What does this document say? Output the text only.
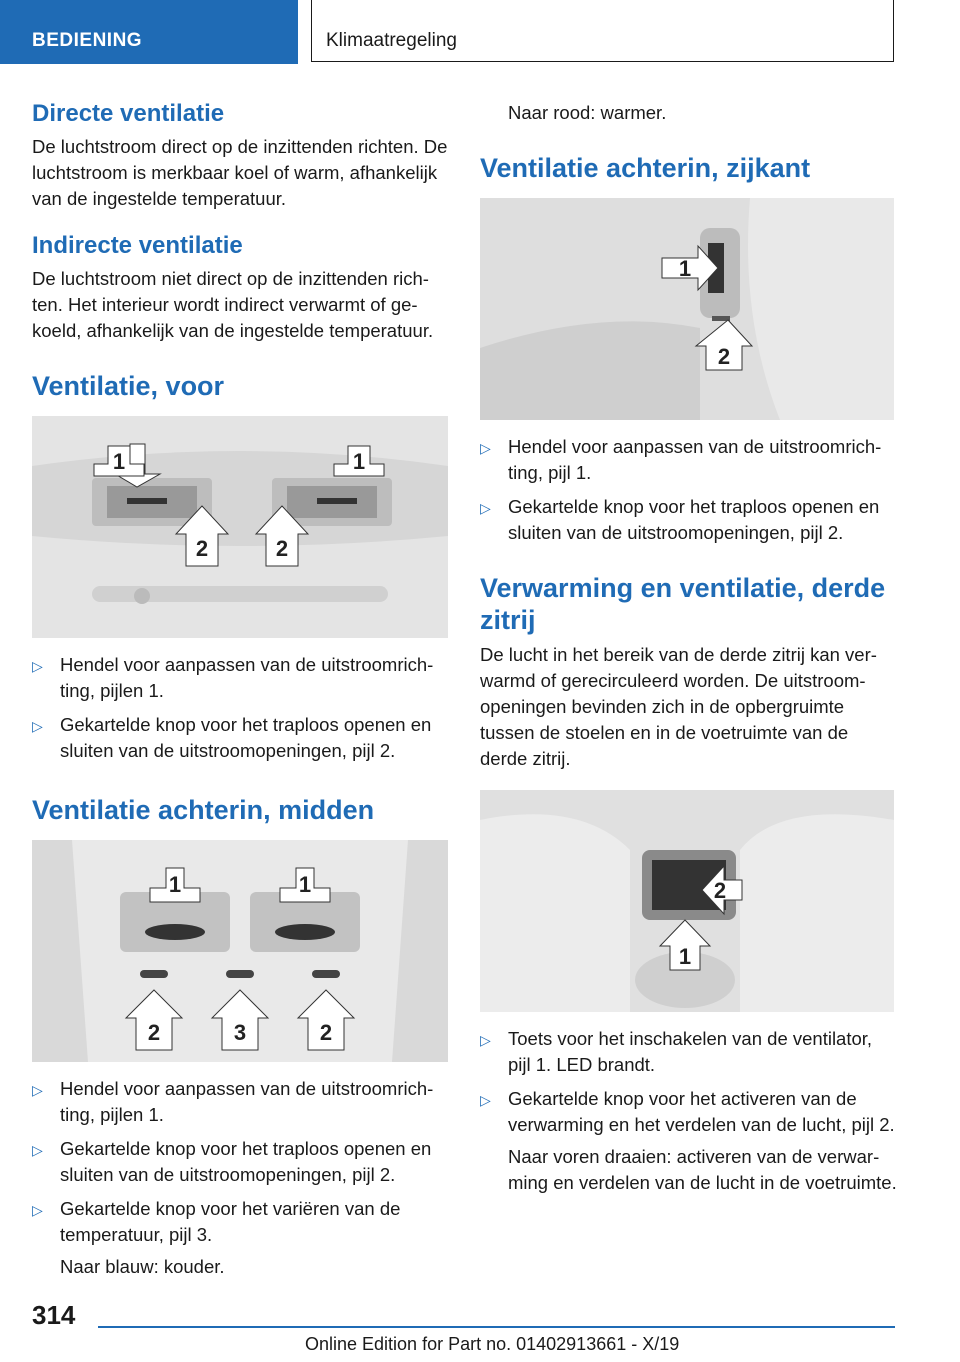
BEDIENING	Klimaatregeling
Directe ventilatie

De luchtstroom direct op de inzittenden richten. De luchtstroom is merkbaar koel of warm, afhankelijk van de ingestelde temperatuur.

Indirecte ventilatie

De luchtstroom niet direct op de inzittenden richten. Het interieur wordt indirect verwarmt of gekoeld, afhankelijk van de ingestelde temperatuur.

Ventilatie, voor
1	1
2	2
▷ Hendel voor aanpassen van de uitstroomrichting, pijlen 1.
▷ Gekartelde knop voor het traploos openen en sluiten van de uitstroomopeningen, pijl 2.
Ventilatie achterin, midden
1	1
2	3	2
▷ Hendel voor aanpassen van de uitstroomrichting, pijlen 1.
▷ Gekartelde knop voor het traploos openen en sluiten van de uitstroomopeningen, pijl 2.
▷ Gekartelde knop voor het variëren van de temperatuur, pijl 3.
Naar blauw: kouder.
Naar rood: warmer.
Ventilatie achterin, zijkant
1
2
▷ Hendel voor aanpassen van de uitstroomrichting, pijl 1.
▷ Gekartelde knop voor het traploos openen en sluiten van de uitstroomopeningen, pijl 2.
Verwarming en ventilatie, derde zitrij

De lucht in het bereik van de derde zitrij kan verwarmd of gerecirculeerd worden. De uitstroomopeningen bevinden zich in de opbergruimte tussen de stoelen en in de voetruimte van de derde zitrij.

2
1
▷ Toets voor het inschakelen van de ventilator, pijl 1. LED brandt.
▷ Gekartelde knop voor het activeren van de verwarming en het verdelen van de lucht, pijl 2.
Naar voren draaien: activeren van de verwarming en verdelen van de lucht in de voetruimte.
314
Online Edition for Part no. 01402913661 - X/19
